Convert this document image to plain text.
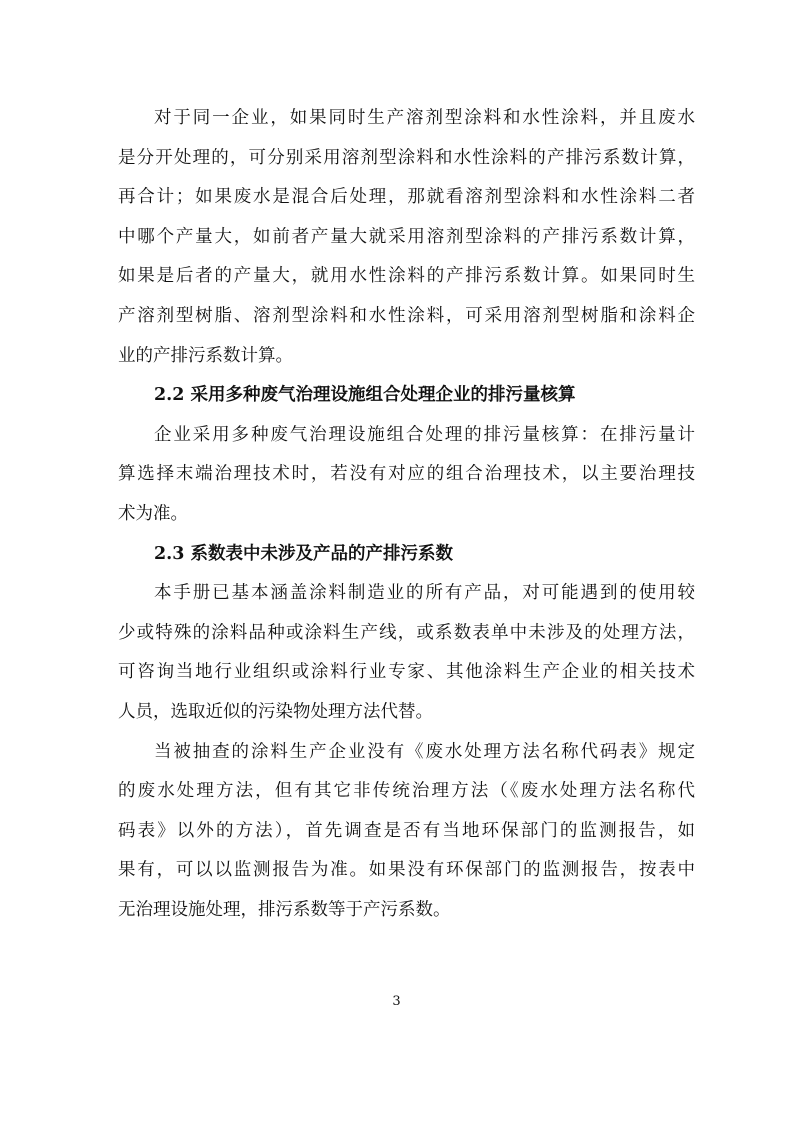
对于同一企业，如果同时生产溶剂型涂料和水性涂料，并且废水
是分开处理的，可分别采用溶剂型涂料和水性涂料的产排污系数计算，
再合计；如果废水是混合后处理，那就看溶剂型涂料和水性涂料二者
中哪个产量大，如前者产量大就采用溶剂型涂料的产排污系数计算，
如果是后者的产量大，就用水性涂料的产排污系数计算。如果同时生
产溶剂型树脂、溶剂型涂料和水性涂料，可采用溶剂型树脂和涂料企
业的产排污系数计算。
2.2 采用多种废气治理设施组合处理企业的排污量核算
企业采用多种废气治理设施组合处理的排污量核算：在排污量计
算选择末端治理技术时，若没有对应的组合治理技术，以主要治理技
术为准。
2.3 系数表中未涉及产品的产排污系数
本手册已基本涵盖涂料制造业的所有产品，对可能遇到的使用较
少或特殊的涂料品种或涂料生产线，或系数表单中未涉及的处理方法，
可咨询当地行业组织或涂料行业专家、其他涂料生产企业的相关技术
人员，选取近似的污染物处理方法代替。
当被抽查的涂料生产企业没有《废水处理方法名称代码表》规定
的废水处理方法，但有其它非传统治理方法（《废水处理方法名称代
码表》以外的方法），首先调查是否有当地环保部门的监测报告，如
果有，可以以监测报告为准。如果没有环保部门的监测报告，按表中
无治理设施处理，排污系数等于产污系数。
3
